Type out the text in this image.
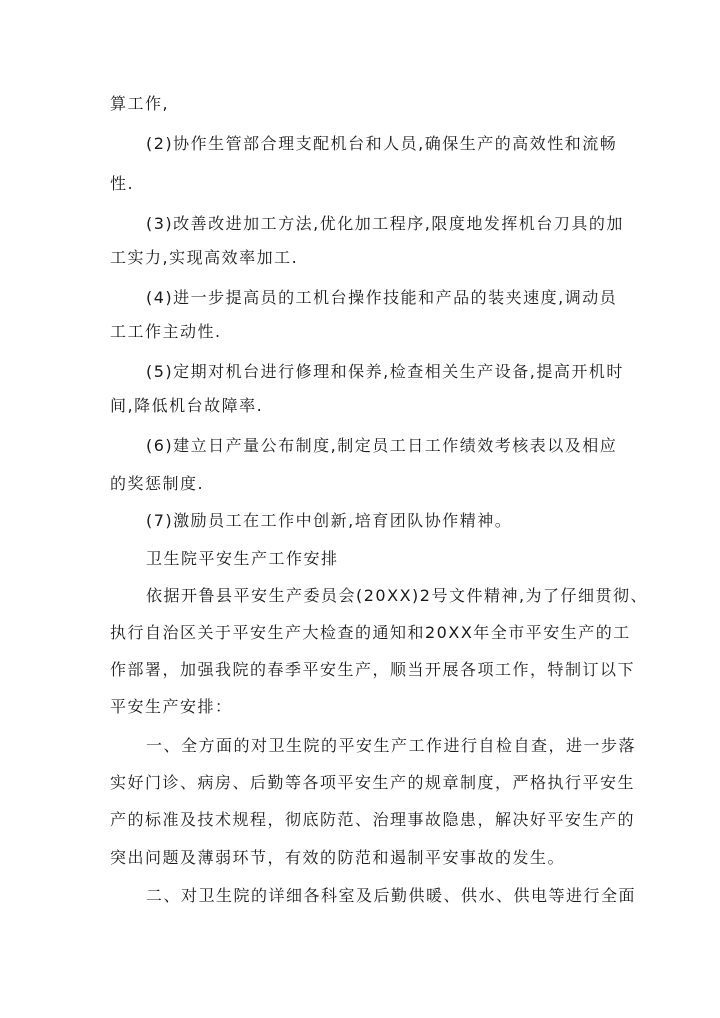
算工作,
(2)协作生管部合理支配机台和人员,确保生产的高效性和流畅
性.
(3)改善改进加工方法,优化加工程序,限度地发挥机台刀具的加
工实力,实现高效率加工.
(4)进一步提高员的工机台操作技能和产品的装夹速度,调动员
工工作主动性.
(5)定期对机台进行修理和保养,检查相关生产设备,提高开机时
间,降低机台故障率.
(6)建立日产量公布制度,制定员工日工作绩效考核表以及相应
的奖惩制度.
(7)激励员工在工作中创新,培育团队协作精神。
卫生院平安生产工作安排
依据开鲁县平安生产委员会(20XX)2号文件精神,为了仔细贯彻、
执行自治区关于平安生产大检查的通知和20XX年全市平安生产的工
作部署，加强我院的春季平安生产，顺当开展各项工作，特制订以下
平安生产安排：
一、全方面的对卫生院的平安生产工作进行自检自查，进一步落
实好门诊、病房、后勤等各项平安生产的规章制度，严格执行平安生
产的标准及技术规程，彻底防范、治理事故隐患，解决好平安生产的
突出问题及薄弱环节，有效的防范和遏制平安事故的发生。
二、对卫生院的详细各科室及后勤供暖、供水、供电等进行全面
